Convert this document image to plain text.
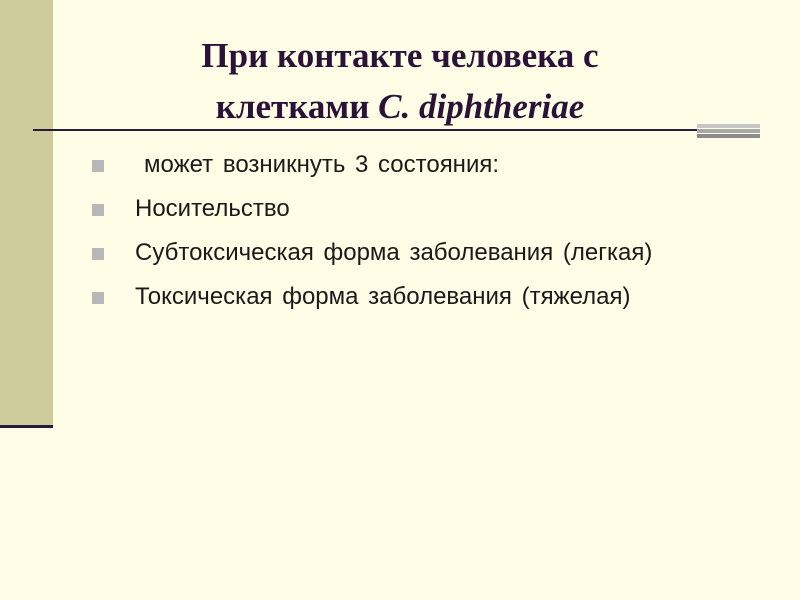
При контакте человека с
клетками C. diphtheriae
может возникнуть 3 состояния:
Носительство
Субтоксическая форма заболевания (легкая)
Токсическая форма заболевания (тяжелая)
